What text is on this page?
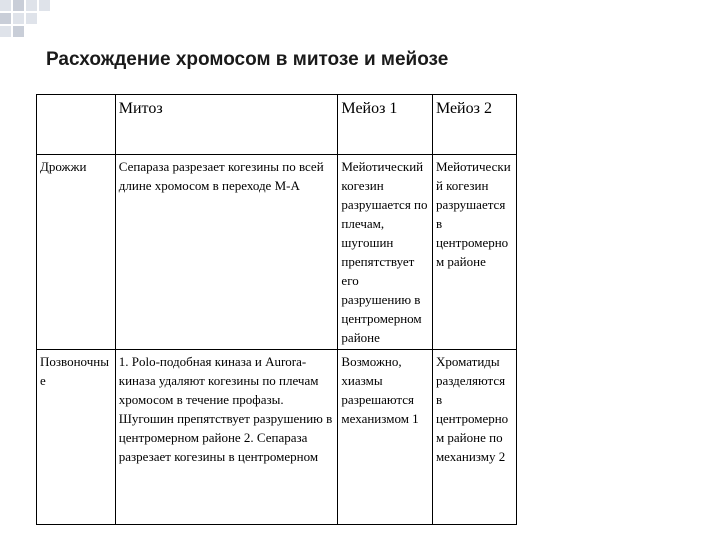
Расхождение хромосом в митозе и мейозе
	Митоз	Мейоз 1	Мейоз 2
Дрожжи	Сепараза разрезает когезины по всей длине хромосом в переходе М-А	Мейотический когезин разрушается по плечам, шугошин препятствует его разрушению в центромерном районе	Мейотический когезин разрушается в центромерном районе
Позвоночные	1. Polo-подобная киназа и Aurora- киназа удаляют когезины по плечам хромосом в течение профазы. Шугошин препятствует разрушению в центромерном районе 2. Сепараза разрезает когезины в центромерном	Возможно, хиазмы разрешаются механизмом 1	Хроматиды разделяются в центромерном районе по механизму 2
